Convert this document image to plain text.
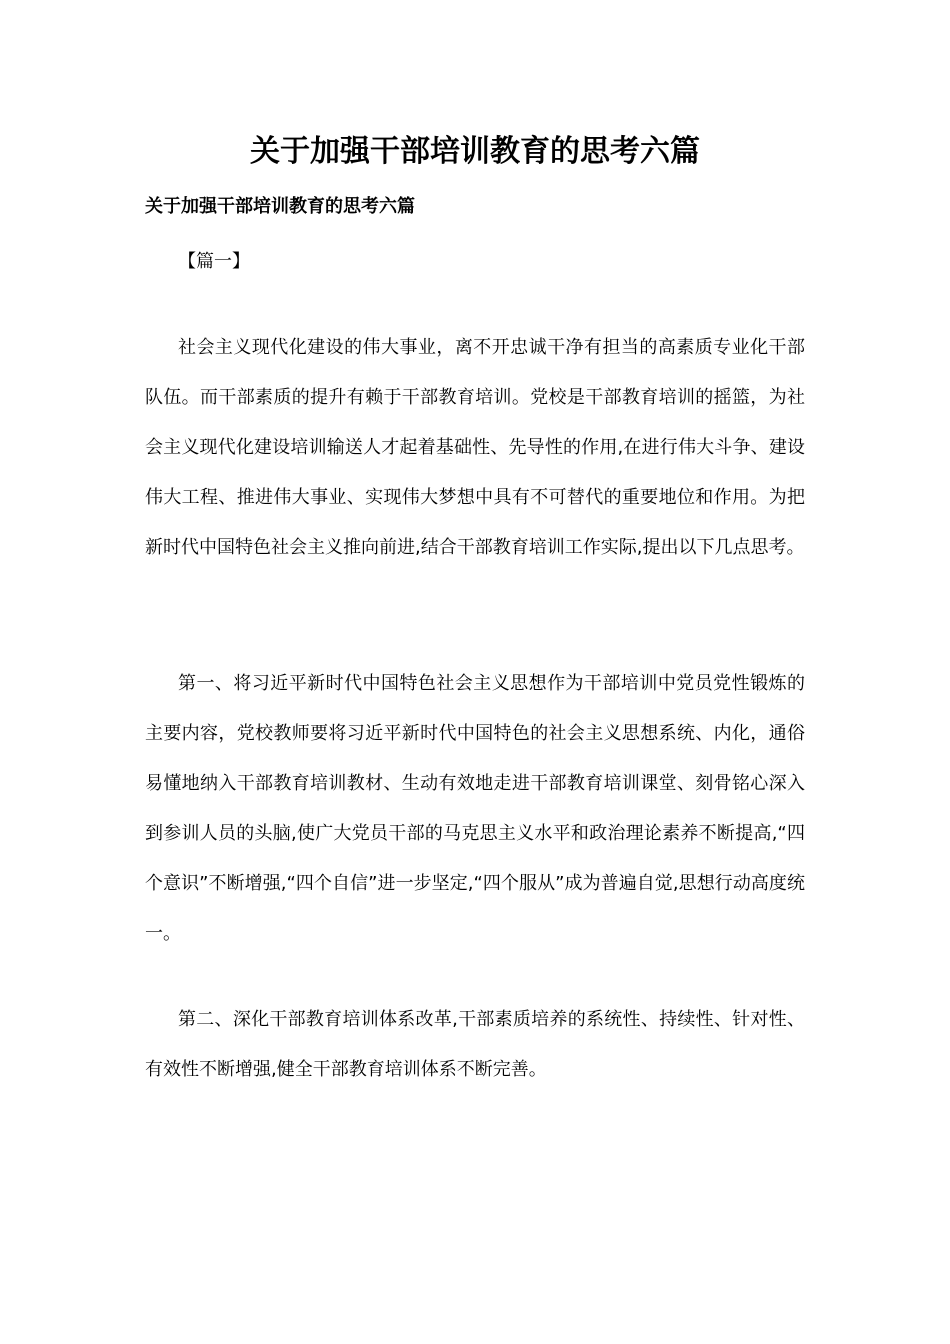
关于加强干部培训教育的思考六篇
关于加强干部培训教育的思考六篇

【篇一】

社会主义现代化建设的伟大事业，离不开忠诚干净有担当的高素质专业化干部队伍。而干部素质的提升有赖于干部教育培训。党校是干部教育培训的摇篮，为社会主义现代化建设培训输送人才起着基础性、先导性的作用,在进行伟大斗争、建设伟大工程、推进伟大事业、实现伟大梦想中具有不可替代的重要地位和作用。为把新时代中国特色社会主义推向前进,结合干部教育培训工作实际,提出以下几点思考。

第一、将习近平新时代中国特色社会主义思想作为干部培训中党员党性锻炼的主要内容，党校教师要将习近平新时代中国特色的社会主义思想系统、内化，通俗易懂地纳入干部教育培训教材、生动有效地走进干部教育培训课堂、刻骨铭心深入到参训人员的头脑,使广大党员干部的马克思主义水平和政治理论素养不断提高,“四个意识”不断增强,“四个自信”进一步坚定,“四个服从”成为普遍自觉,思想行动高度统一。

第二、深化干部教育培训体系改革,干部素质培养的系统性、持续性、针对性、有效性不断增强,健全干部教育培训体系不断完善。
